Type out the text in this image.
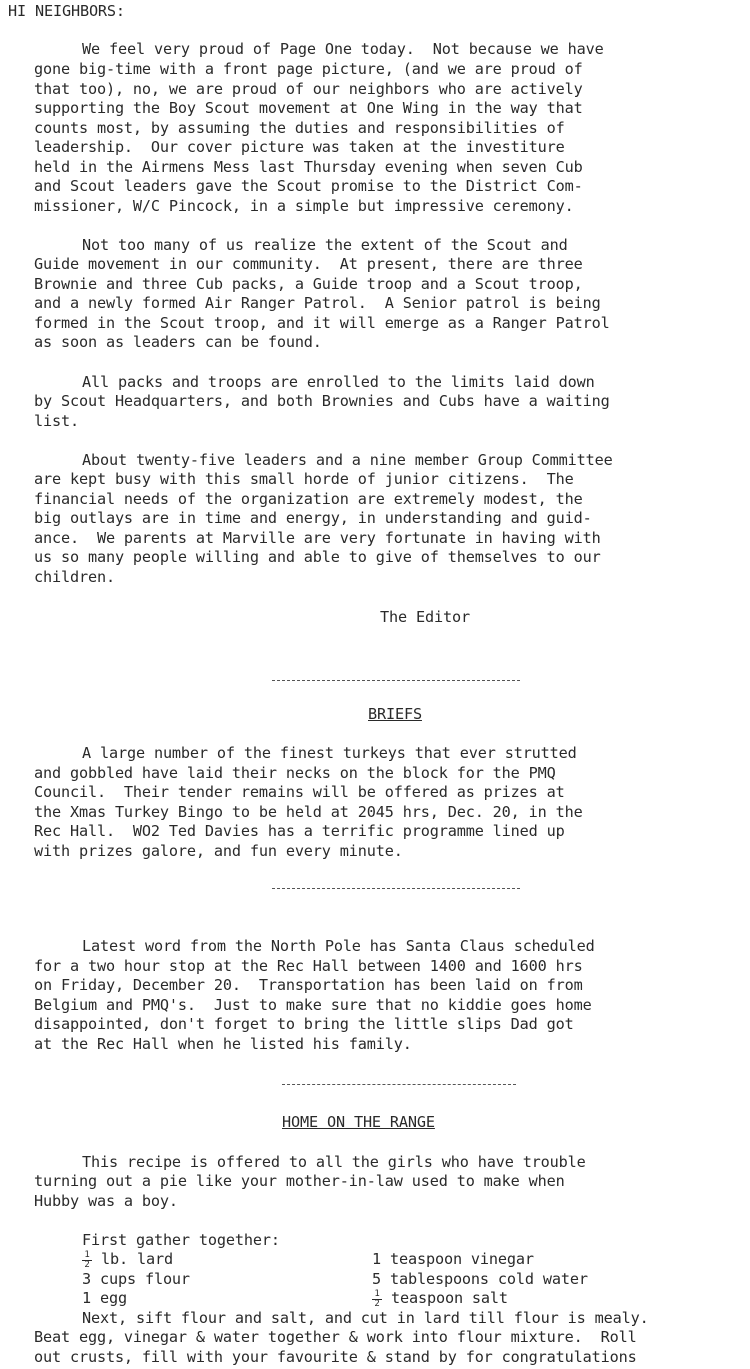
HI NEIGHBORS:
We feel very proud of Page One today.  Not because we have
gone big-time with a front page picture, (and we are proud of
that too), no, we are proud of our neighbors who are actively
supporting the Boy Scout movement at One Wing in the way that
counts most, by assuming the duties and responsibilities of
leadership.  Our cover picture was taken at the investiture
held in the Airmens Mess last Thursday evening when seven Cub
and Scout leaders gave the Scout promise to the District Com-
missioner, W/C Pincock, in a simple but impressive ceremony.
Not too many of us realize the extent of the Scout and
Guide movement in our community.  At present, there are three
Brownie and three Cub packs, a Guide troop and a Scout troop,
and a newly formed Air Ranger Patrol.  A Senior patrol is being
formed in the Scout troop, and it will emerge as a Ranger Patrol
as soon as leaders can be found.
All packs and troops are enrolled to the limits laid down
by Scout Headquarters, and both Brownies and Cubs have a waiting
list.
About twenty-five leaders and a nine member Group Committee
are kept busy with this small horde of junior citizens.  The
financial needs of the organization are extremely modest, the
big outlays are in time and energy, in understanding and guid-
ance.  We parents at Marville are very fortunate in having with
us so many people willing and able to give of themselves to our
children.
The Editor
BRIEFS
A large number of the finest turkeys that ever strutted
and gobbled have laid their necks on the block for the PMQ
Council.  Their tender remains will be offered as prizes at
the Xmas Turkey Bingo to be held at 2045 hrs, Dec. 20, in the
Rec Hall.  WO2 Ted Davies has a terrific programme lined up
with prizes galore, and fun every minute.
Latest word from the North Pole has Santa Claus scheduled
for a two hour stop at the Rec Hall between 1400 and 1600 hrs
on Friday, December 20.  Transportation has been laid on from
Belgium and PMQ's.  Just to make sure that no kiddie goes home
disappointed, don't forget to bring the little slips Dad got
at the Rec Hall when he listed his family.
HOME ON THE RANGE
This recipe is offered to all the girls who have trouble
turning out a pie like your mother-in-law used to make when
Hubby was a boy.
First gather together:
$\frac{1}{2}$ lb. lard
3 cups flour
1 egg
1 teaspoon vinegar
5 tablespoons cold water
$\frac{1}{2}$ teaspoon salt
Next, sift flour and salt, and cut in lard till flour is mealy.
Beat egg, vinegar & water together & work into flour mixture.  Roll
out crusts, fill with your favourite & stand by for congratulations
